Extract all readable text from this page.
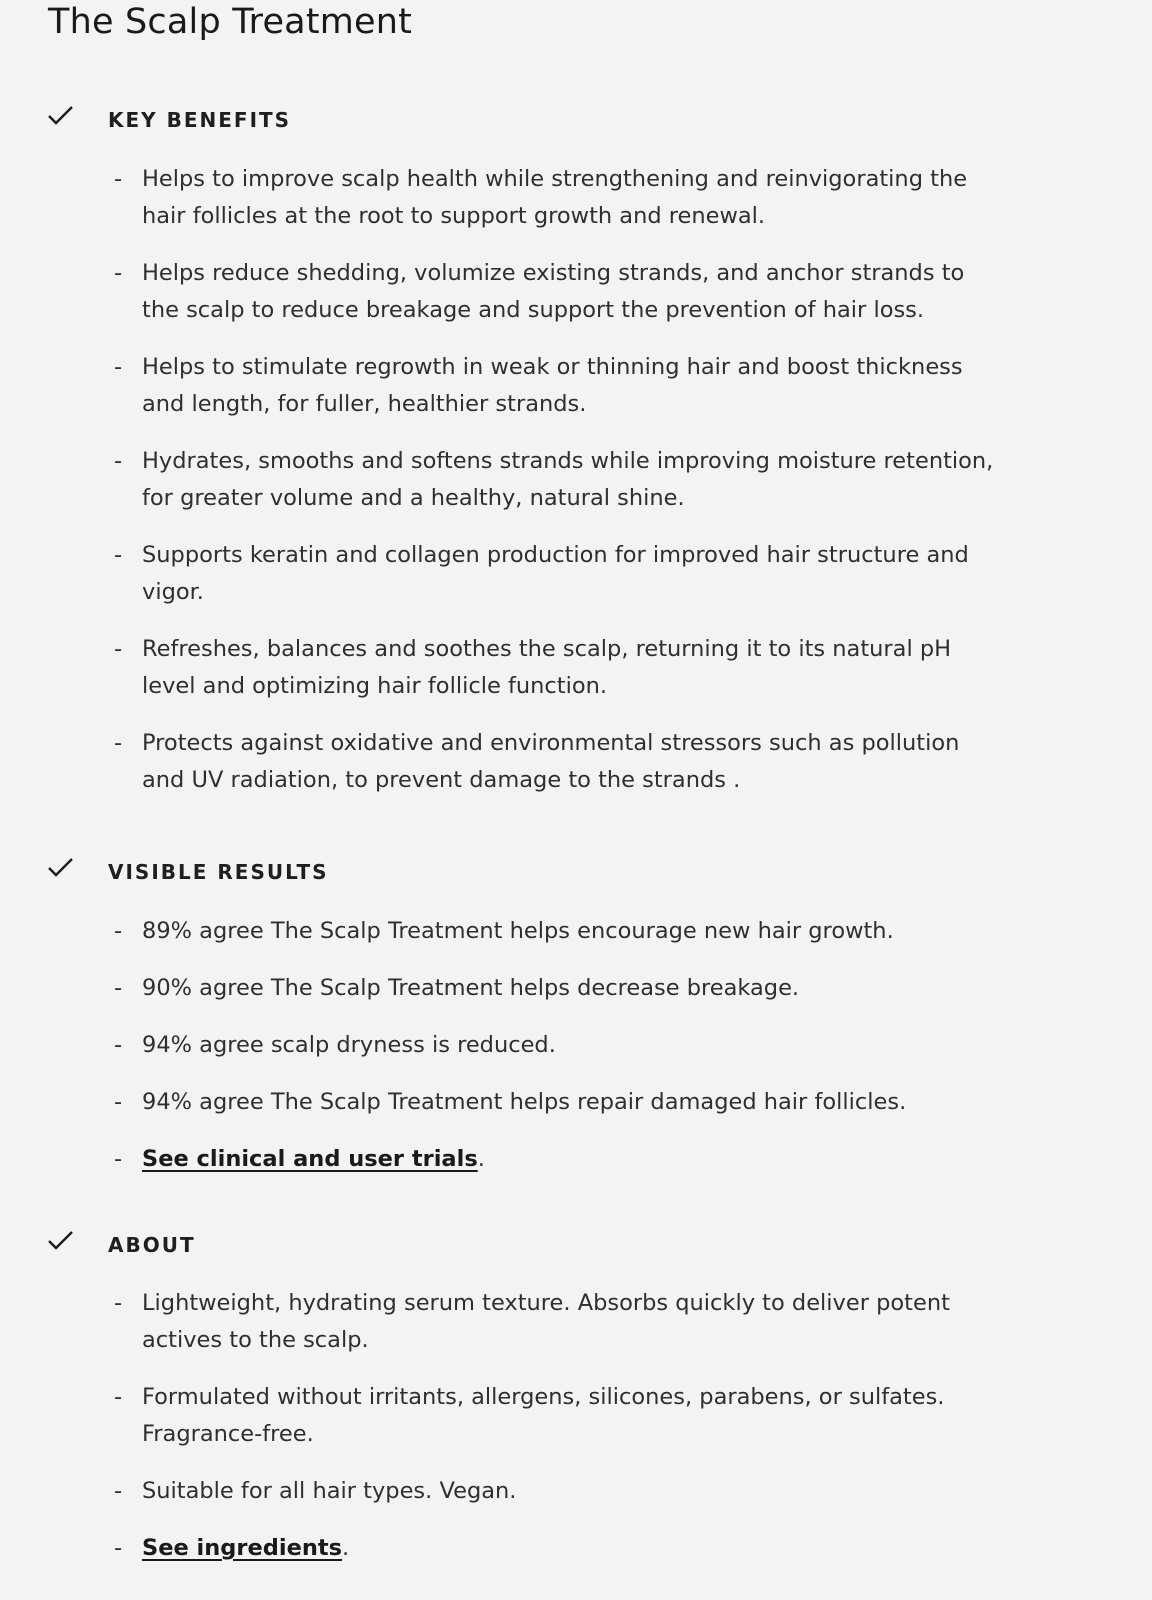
The Scalp Treatment
KEY BENEFITS
- Helps to improve scalp health while strengthening and reinvigorating the hair follicles at the root to support growth and renewal.
- Helps reduce shedding, volumize existing strands, and anchor strands to the scalp to reduce breakage and support the prevention of hair loss.
- Helps to stimulate regrowth in weak or thinning hair and boost thickness and length, for fuller, healthier strands.
- Hydrates, smooths and softens strands while improving moisture retention, for greater volume and a healthy, natural shine.
- Supports keratin and collagen production for improved hair structure and vigor.
- Refreshes, balances and soothes the scalp, returning it to its natural pH level and optimizing hair follicle function.
- Protects against oxidative and environmental stressors such as pollution and UV radiation, to prevent damage to the strands .
VISIBLE RESULTS
- 89% agree The Scalp Treatment helps encourage new hair growth.
- 90% agree The Scalp Treatment helps decrease breakage.
- 94% agree scalp dryness is reduced.
- 94% agree The Scalp Treatment helps repair damaged hair follicles.
- See clinical and user trials.
ABOUT
- Lightweight, hydrating serum texture. Absorbs quickly to deliver potent actives to the scalp.
- Formulated without irritants, allergens, silicones, parabens, or sulfates. Fragrance-free.
- Suitable for all hair types. Vegan.
- See ingredients.
